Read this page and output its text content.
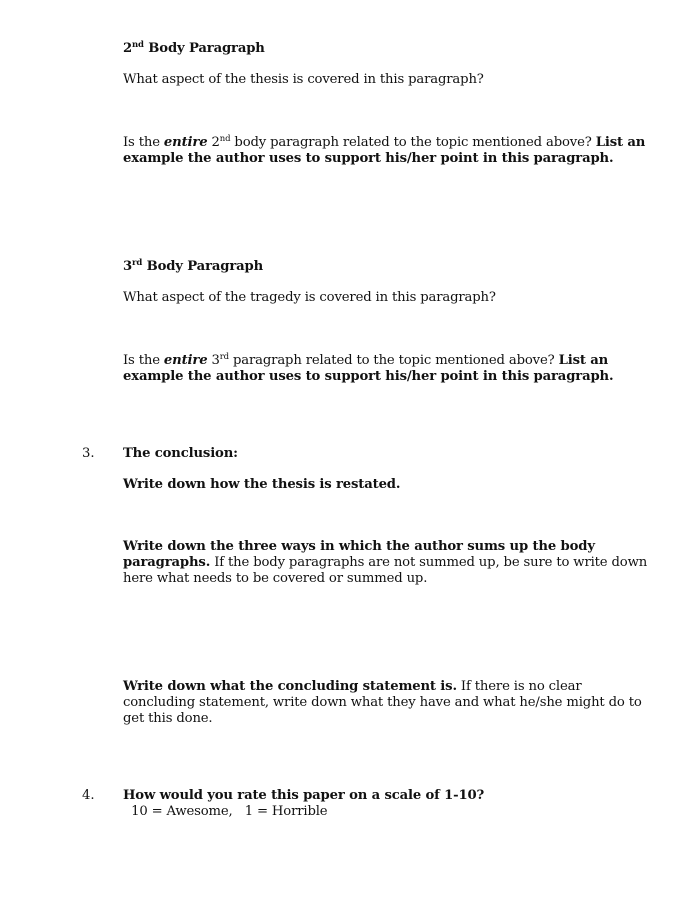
2nd Body Paragraph
What aspect of the thesis is covered in this paragraph?
Is the entire 2nd body paragraph related to the topic mentioned above? List an example the author uses to support his/her point in this paragraph.
3rd Body Paragraph
What aspect of the tragedy is covered in this paragraph?
Is the entire 3rd paragraph related to the topic mentioned above? List an example the author uses to support his/her point in this paragraph.
3. The conclusion:
Write down how the thesis is restated.
Write down the three ways in which the author sums up the body paragraphs. If the body paragraphs are not summed up, be sure to write down here what needs to be covered or summed up.
Write down what the concluding statement is. If there is no clear concluding statement, write down what they have and what he/she might do to get this done.
4. How would you rate this paper on a scale of 1-10?  10 = Awesome,   1 = Horrible
